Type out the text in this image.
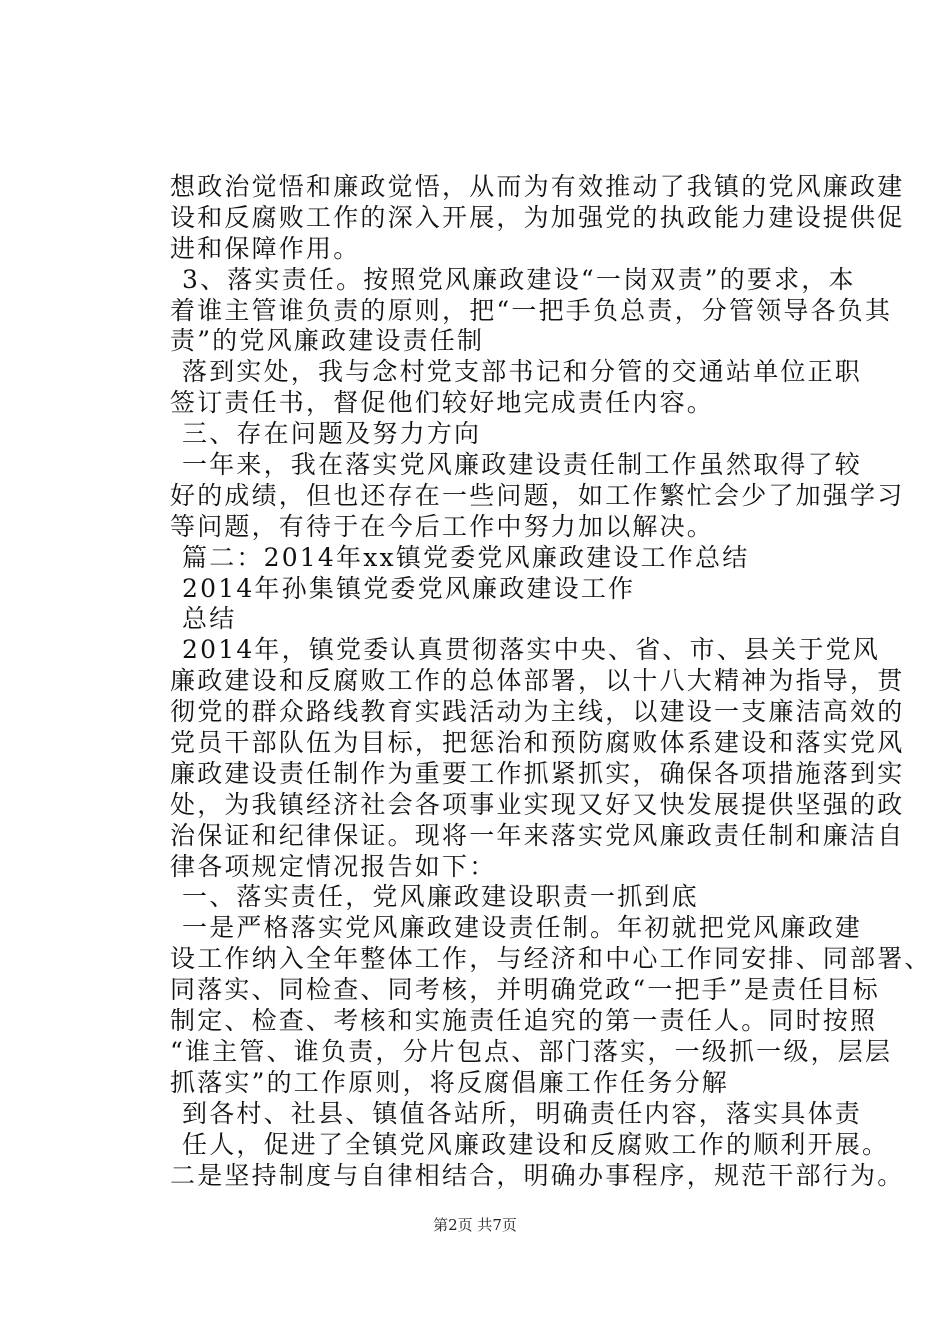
想政治觉悟和廉政觉悟，从而为有效推动了我镇的党风廉政建
设和反腐败工作的深入开展，为加强党的执政能力建设提供促
进和保障作用。
3、落实责任。按照党风廉政建设“一岗双责”的要求，本
着谁主管谁负责的原则，把“一把手负总责，分管领导各负其
责”的党风廉政建设责任制
落到实处，我与念村党支部书记和分管的交通站单位正职
签订责任书，督促他们较好地完成责任内容。
三、存在问题及努力方向
一年来，我在落实党风廉政建设责任制工作虽然取得了较
好的成绩，但也还存在一些问题，如工作繁忙会少了加强学习
等问题，有待于在今后工作中努力加以解决。
篇二：2014年xx镇党委党风廉政建设工作总结
2014年孙集镇党委党风廉政建设工作
总结
2014年，镇党委认真贯彻落实中央、省、市、县关于党风
廉政建设和反腐败工作的总体部署，以十八大精神为指导，贯
彻党的群众路线教育实践活动为主线，以建设一支廉洁高效的
党员干部队伍为目标，把惩治和预防腐败体系建设和落实党风
廉政建设责任制作为重要工作抓紧抓实，确保各项措施落到实
处，为我镇经济社会各项事业实现又好又快发展提供坚强的政
治保证和纪律保证。现将一年来落实党风廉政责任制和廉洁自
律各项规定情况报告如下：
一、落实责任，党风廉政建设职责一抓到底
一是严格落实党风廉政建设责任制。年初就把党风廉政建
设工作纳入全年整体工作，与经济和中心工作同安排、同部署、
同落实、同检查、同考核，并明确党政“一把手”是责任目标
制定、检查、考核和实施责任追究的第一责任人。同时按照
“谁主管、谁负责，分片包点、部门落实，一级抓一级，层层
抓落实”的工作原则，将反腐倡廉工作任务分解
到各村、社县、镇值各站所，明确责任内容，落实具体责
任人，促进了全镇党风廉政建设和反腐败工作的顺利开展。
二是坚持制度与自律相结合，明确办事程序，规范干部行为。
第2页 共7页
